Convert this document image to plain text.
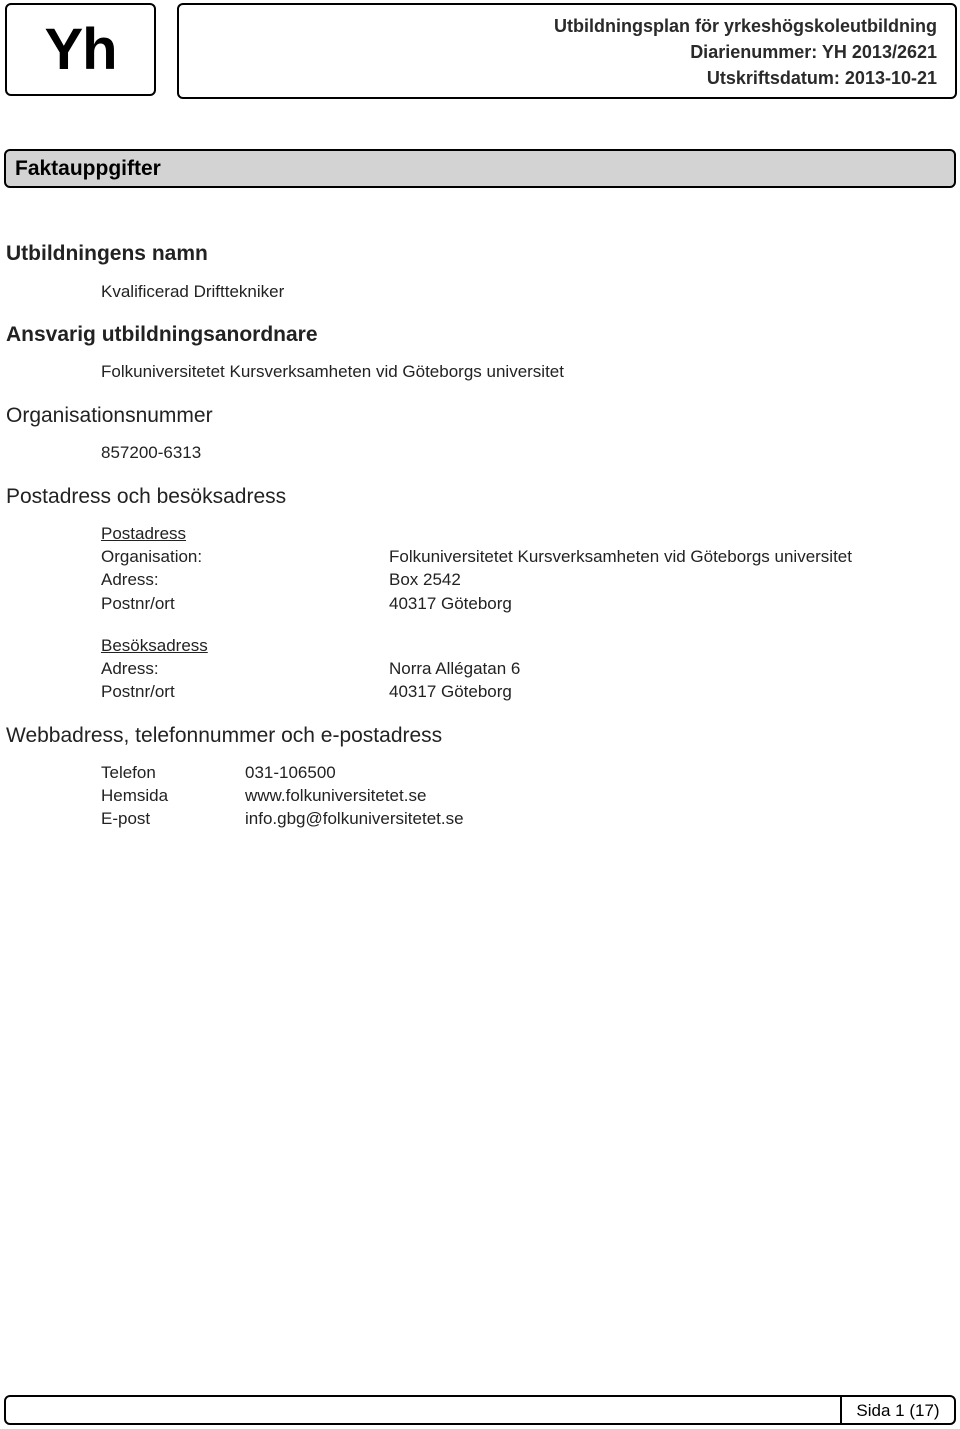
Yh	Utbildningsplan för yrkeshögskoleutbildning
Diarienummer: YH 2013/2621
Utskriftsdatum: 2013-10-21
Faktauppgifter
Utbildningens namn
Kvalificerad Drifttekniker
Ansvarig utbildningsanordnare
Folkuniversitetet Kursverksamheten vid Göteborgs universitet
Organisationsnummer
857200-6313
Postadress och besöksadress
Postadress
Organisation:	Folkuniversitetet Kursverksamheten vid Göteborgs universitet
Adress:	Box 2542
Postnr/ort	40317 Göteborg
Besöksadress
Adress:	Norra Allégatan 6
Postnr/ort	40317 Göteborg
Webbadress, telefonnummer och e-postadress
Telefon	031-106500
Hemsida	www.folkuniversitetet.se
E-post	info.gbg@folkuniversitetet.se
Sida 1 (17)
